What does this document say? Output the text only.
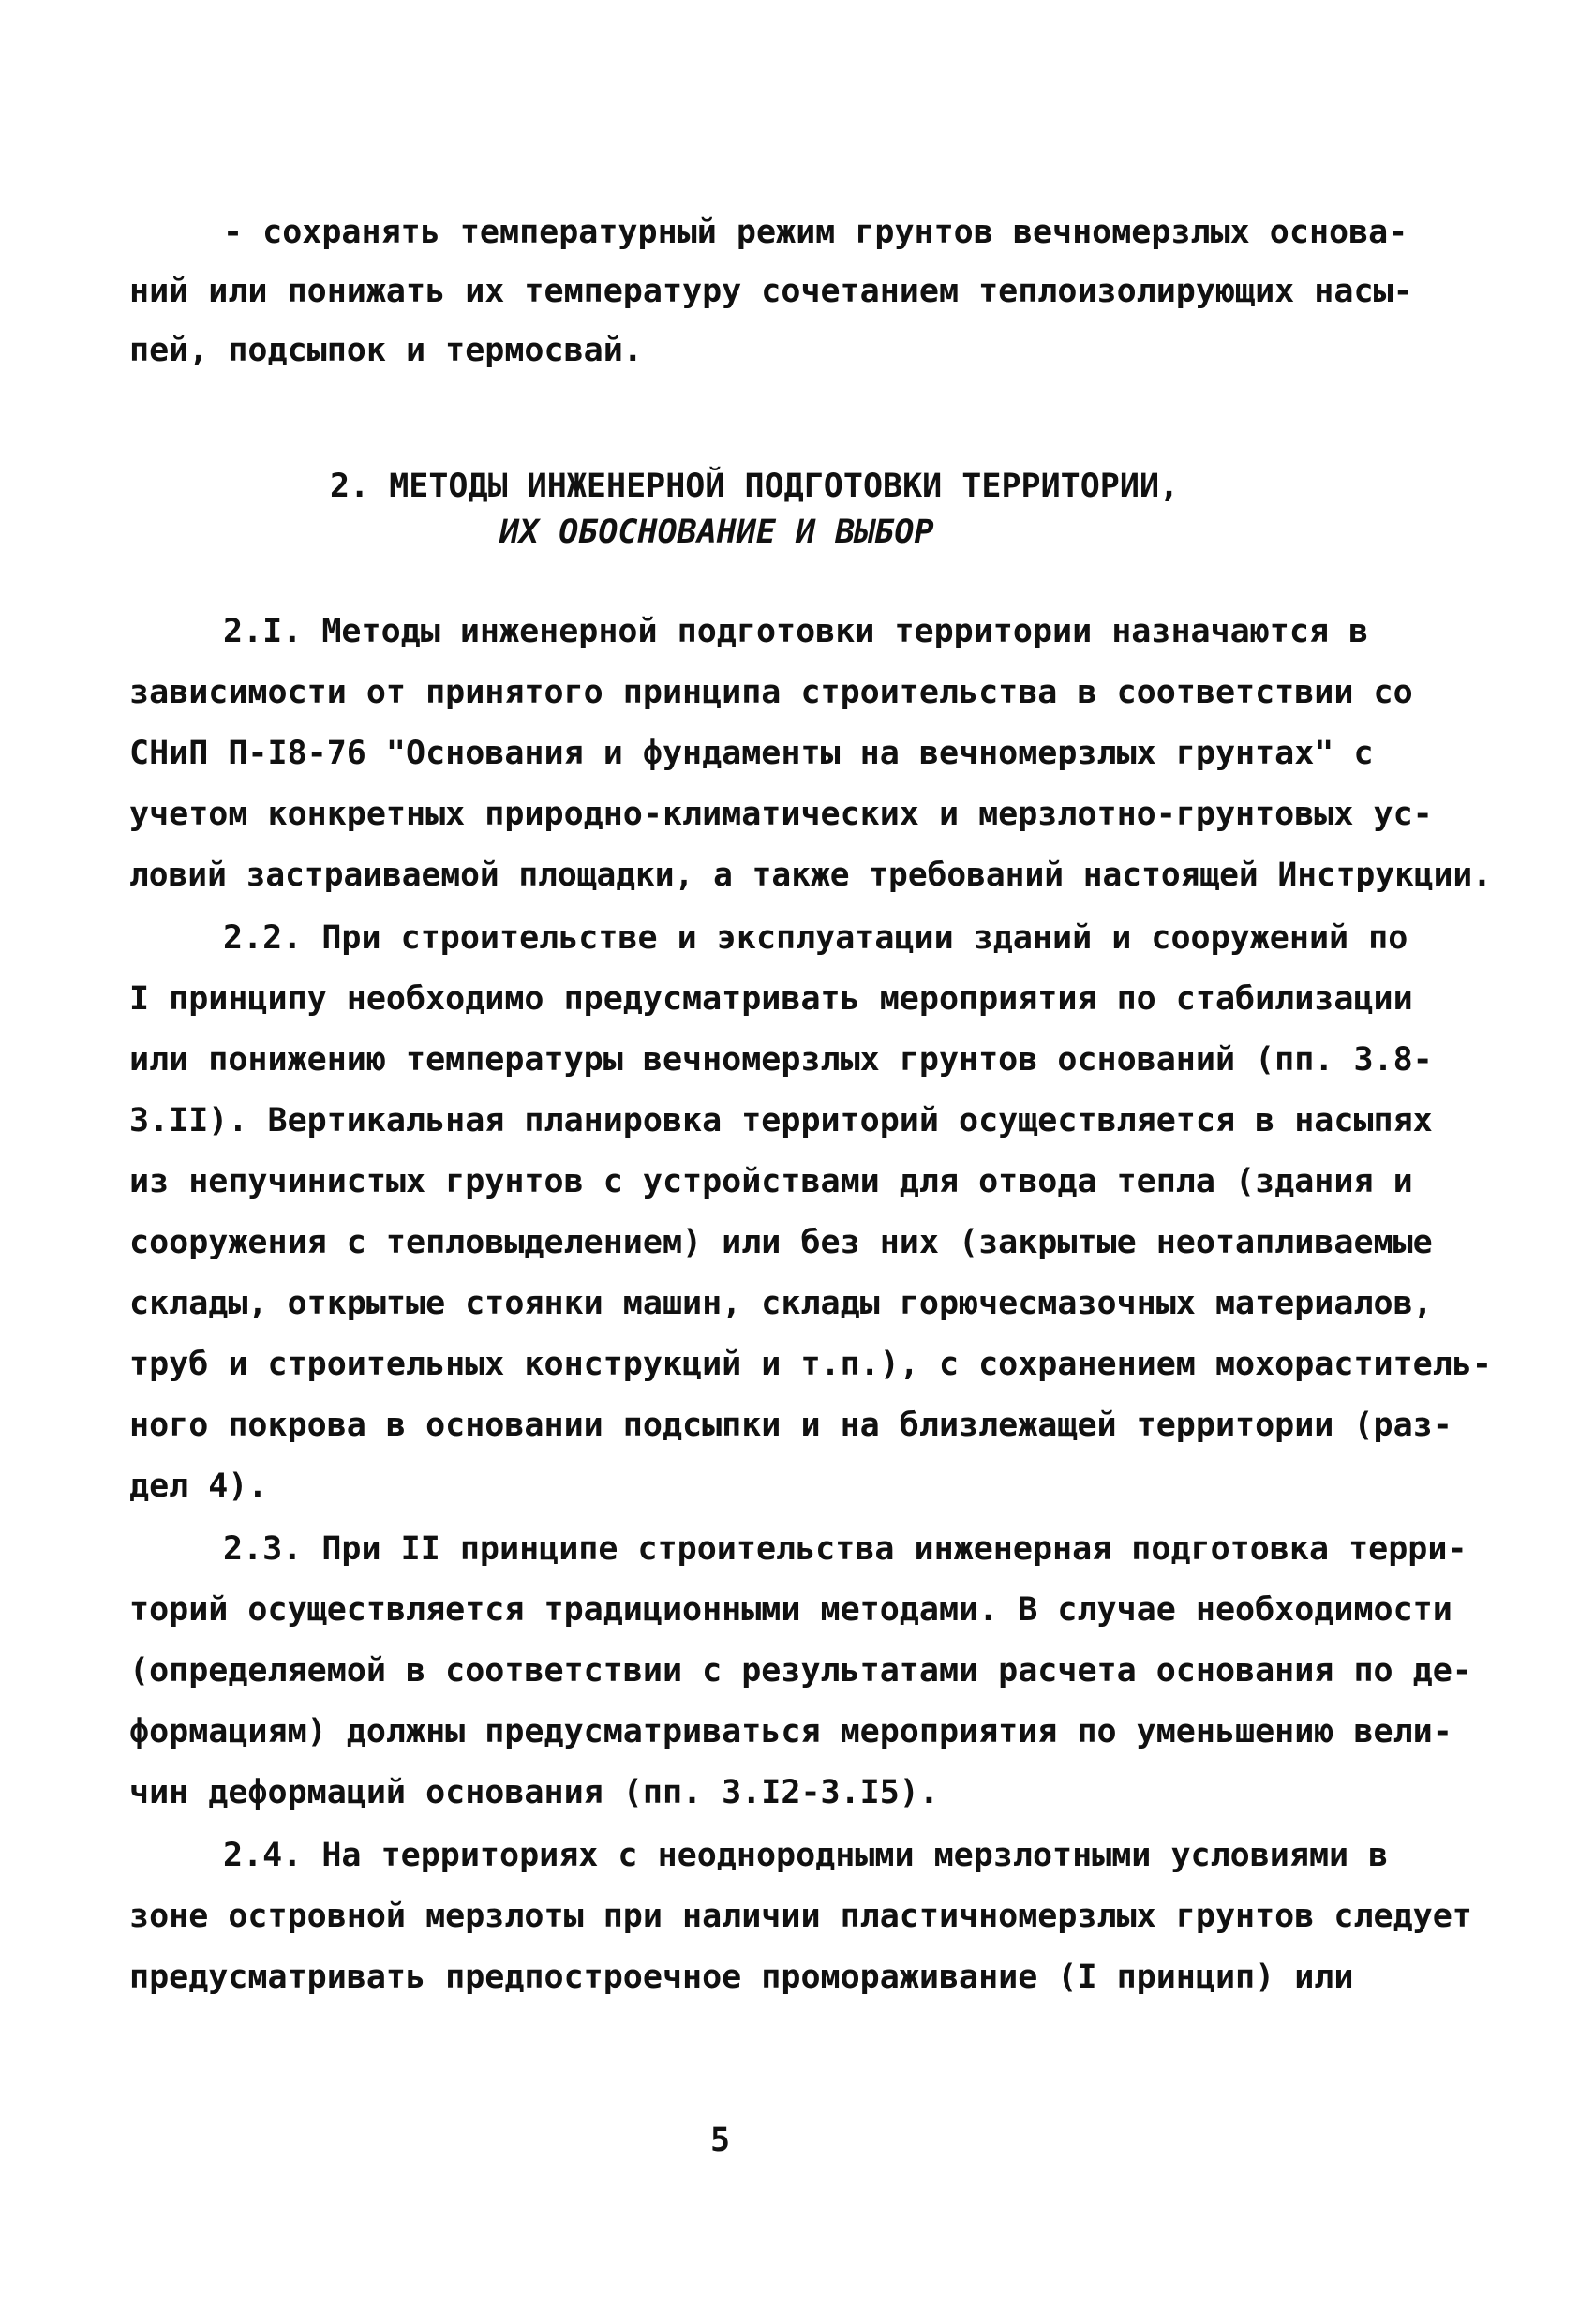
- сохранять температурный режим грунтов вечномерзлых основа-
ний или понижать их температуру сочетанием теплоизолирующих насы-
пей, подсыпок и термосвай.
2. МЕТОДЫ ИНЖЕНЕРНОЙ ПОДГОТОВКИ ТЕРРИТОРИИ,
ИХ ОБОСНОВАНИЕ И ВЫБОР
2.I. Методы инженерной подготовки территории назначаются в
зависимости от принятого принципа строительства в соответствии со
СНиП П-I8-76 "Основания и фундаменты на вечномерзлых грунтах" с
учетом конкретных природно-климатических и мерзлотно-грунтовых ус-
ловий застраиваемой площадки, а также требований настоящей Инструкции.
2.2. При строительстве и эксплуатации зданий и сооружений по
I принципу необходимо предусматривать мероприятия по стабилизации
или понижению температуры вечномерзлых грунтов оснований (пп. 3.8-
3.II). Вертикальная планировка территорий осуществляется в насыпях
из непучинистых грунтов с устройствами для отвода тепла (здания и
сооружения с тепловыделением) или без них (закрытые неотапливаемые
склады, открытые стоянки машин, склады горючесмазочных материалов,
труб и строительных конструкций и т.п.), с сохранением мохораститель-
ного покрова в основании подсыпки и на близлежащей территории (раз-
дел 4).
2.3. При II принципе строительства инженерная подготовка терри-
торий осуществляется традиционными методами. В случае необходимости
(определяемой в соответствии с результатами расчета основания по де-
формациям) должны предусматриваться мероприятия по уменьшению вели-
чин деформаций основания (пп. 3.I2-3.I5).
2.4. На территориях с неоднородными мерзлотными условиями в
зоне островной мерзлоты при наличии пластичномерзлых грунтов следует
предусматривать предпостроечное промораживание (I принцип) или
5
